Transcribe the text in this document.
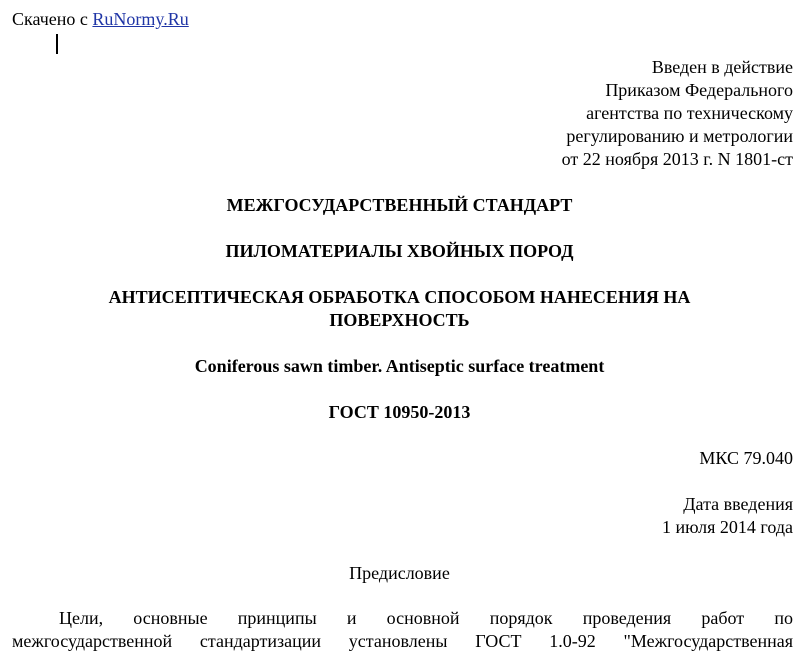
Скачено с RuNormy.Ru
Введен в действие
Приказом Федерального
агентства по техническому
регулированию и метрологии
от 22 ноября 2013 г. N 1801-ст
МЕЖГОСУДАРСТВЕННЫЙ СТАНДАРТ
ПИЛОМАТЕРИАЛЫ ХВОЙНЫХ ПОРОД
АНТИСЕПТИЧЕСКАЯ ОБРАБОТКА СПОСОБОМ НАНЕСЕНИЯ НА
ПОВЕРХНОСТЬ
Coniferous sawn timber. Antiseptic surface treatment
ГОСТ 10950-2013
МКС 79.040
Дата введения
1 июля 2014 года
Предисловие
Цели, основные принципы и основной порядок проведения работ по
межгосударственной стандартизации установлены ГОСТ 1.0-92 "Межгосударственная
